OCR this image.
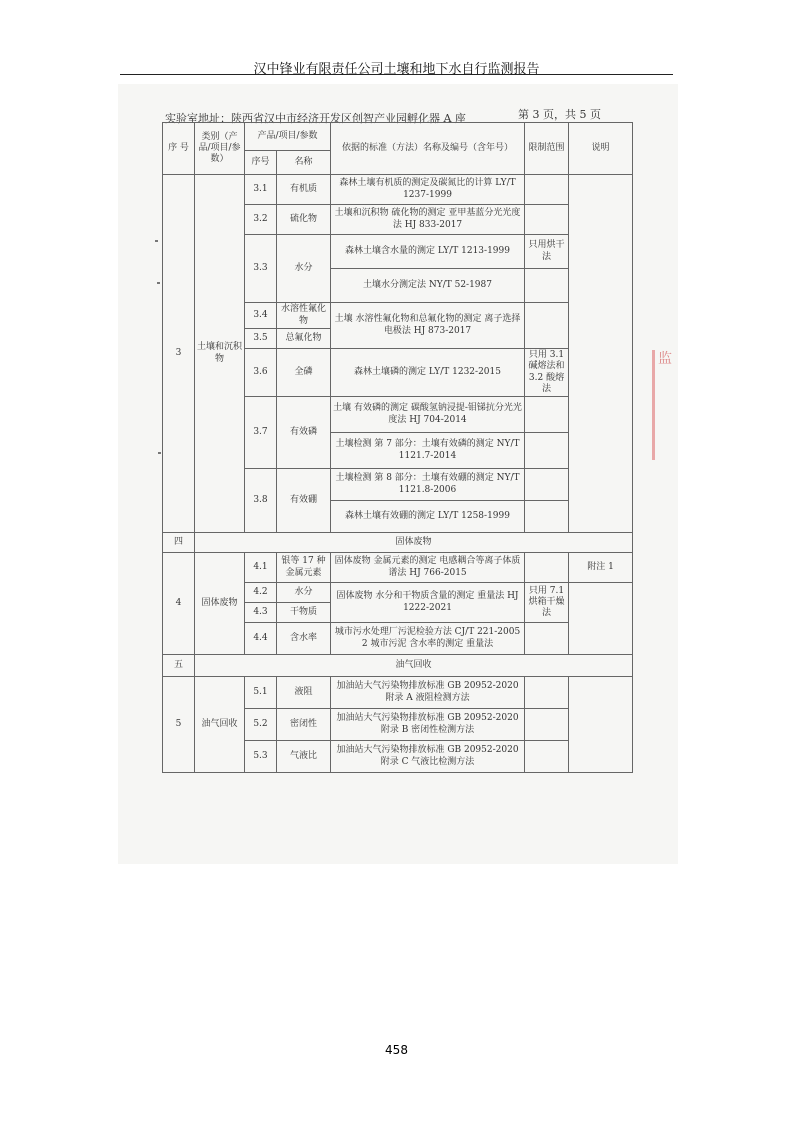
汉中锋业有限责任公司土壤和地下水自行监测报告
实验室地址：陕西省汉中市经济开发区创智产业园孵化器 A 座	第 3 页，共 5 页
序 号	类别（产品/项目/参数）	产品/项目/参数		依据的标准（方法）名称及编号（含年号）	限制范围	说明
		序号	名称			
3	土壤和沉积物	3.1	有机质	森林土壤有机质的测定及碳氮比的计算 LY/T 1237-1999		
		3.2	硫化物	土壤和沉积物 硫化物的测定 亚甲基蓝分光光度法 HJ 833-2017		
		3.3	水分	森林土壤含水量的测定 LY/T 1213-1999	只用烘干法	
				土壤水分测定法 NY/T 52-1987		
		3.4	水溶性氟化物	土壤 水溶性氟化物和总氟化物的测定 离子选择电极法 HJ 873-2017		
		3.5	总氟化物			
		3.6	全磷	森林土壤磷的测定 LY/T 1232-2015	只用 3.1 碱熔法和 3.2 酸熔法	
		3.7	有效磷	土壤 有效磷的测定 碳酸氢钠浸提-钼锑抗分光光度法 HJ 704-2014		
				土壤检测 第 7 部分：土壤有效磷的测定 NY/T 1121.7-2014		
		3.8	有效硼	土壤检测 第 8 部分：土壤有效硼的测定 NY/T 1121.8-2006		
				森林土壤有效硼的测定 LY/T 1258-1999		
四	固体废物					
4	固体废物	4.1	银等 17 种金属元素	固体废物 金属元素的测定 电感耦合等离子体质谱法 HJ 766-2015		附注 1
		4.2	水分	固体废物 水分和干物质含量的测定 重量法 HJ 1222-2021	只用 7.1 烘箱干燥法	
		4.3	干物质			
		4.4	含水率	城市污水处理厂污泥检验方法 CJ/T 221-2005 2 城市污泥 含水率的测定 重量法		
五	油气回收					
5	油气回收	5.1	液阻	加油站大气污染物排放标准 GB 20952-2020 附录 A 液阻检测方法		
		5.2	密闭性	加油站大气污染物排放标准 GB 20952-2020 附录 B 密闭性检测方法		
		5.3	气液比	加油站大气污染物排放标准 GB 20952-2020 附录 C 气液比检测方法		
监
458
